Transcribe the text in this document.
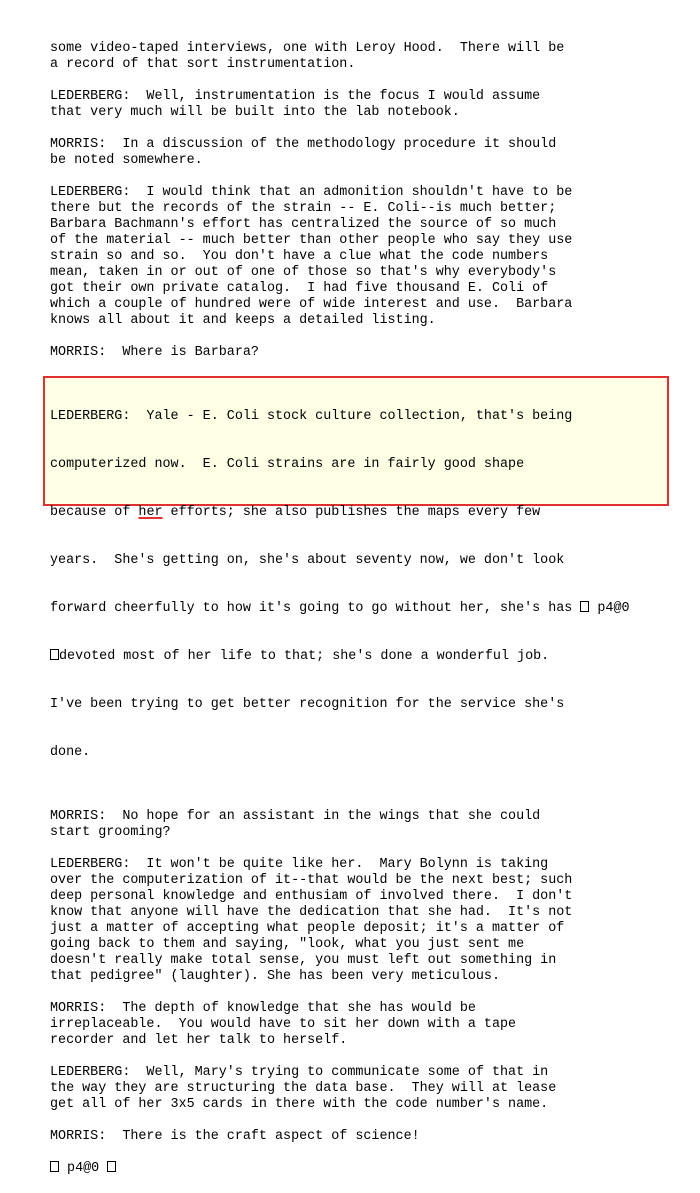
some video-taped interviews, one with Leroy Hood.  There will be
a record of that sort instrumentation.
LEDERBERG:  Well, instrumentation is the focus I would assume
that very much will be built into the lab notebook.
MORRIS:  In a discussion of the methodology procedure it should
be noted somewhere.
LEDERBERG:  I would think that an admonition shouldn't have to be
there but the records of the strain -- E. Coli--is much better;
Barbara Bachmann's effort has centralized the source of so much
of the material -- much better than other people who say they use
strain so and so.  You don't have a clue what the code numbers
mean, taken in or out of one of those so that's why everybody's
got their own private catalog.  I had five thousand E. Coli of
which a couple of hundred were of wide interest and use.  Barbara
knows all about it and keeps a detailed listing.
MORRIS:  Where is Barbara?

LEDERBERG:  Yale - E. Coli stock culture collection, that's being

computerized now.  E. Coli strains are in fairly good shape

because of her efforts; she also publishes the maps every few

years.  She's getting on, she's about seventy now, we don't look

forward cheerfully to how it's going to go without her, she's has  p4@0

devoted most of her life to that; she's done a wonderful job.

I've been trying to get better recognition for the service she's

done.

MORRIS:  No hope for an assistant in the wings that she could
start grooming?
LEDERBERG:  It won't be quite like her.  Mary Bolynn is taking
over the computerization of it--that would be the next best; such
deep personal knowledge and enthusiam of involved there.  I don't
know that anyone will have the dedication that she had.  It's not
just a matter of accepting what people deposit; it's a matter of
going back to them and saying, "look, what you just sent me
doesn't really make total sense, you must left out something in
that pedigree" (laughter). She has been very meticulous.
MORRIS:  The depth of knowledge that she has would be
irreplaceable.  You would have to sit her down with a tape
recorder and let her talk to herself.
LEDERBERG:  Well, Mary's trying to communicate some of that in
the way they are structuring the data base.  They will at lease
get all of her 3x5 cards in there with the code number's name.
MORRIS:  There is the craft aspect of science!
p4@0
